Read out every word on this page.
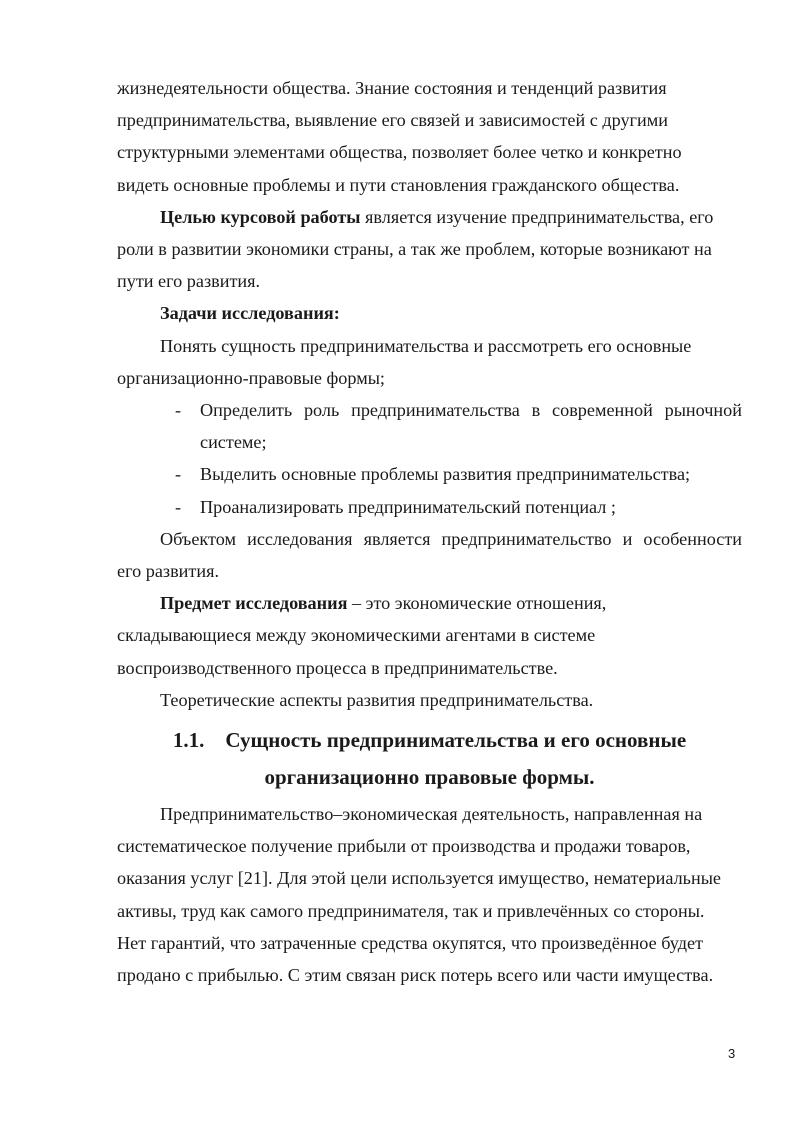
жизнедеятельности общества. Знание состояния и тенденций развития
предпринимательства, выявление его связей и зависимостей с другими
структурными элементами общества, позволяет более четко и конкретно
видеть основные проблемы и пути становления гражданского общества.
Целью курсовой работы является изучение предпринимательства, его
роли в развитии экономики страны, а так же проблем, которые возникают на
пути его развития.
Задачи исследования:
Понять сущность предпринимательства и рассмотреть его основные
организационно-правовые формы;
- Определить роль предпринимательства в современной рыночной
системе;
- Выделить основные проблемы развития предпринимательства;
- Проанализировать предпринимательский потенциал ;
Объектом исследования является предпринимательство и особенности
его развития.
Предмет исследования – это экономические отношения,
складывающиеся между экономическими агентами в системе
воспроизводственного процесса в предпринимательстве.
Теоретические аспекты развития предпринимательства.
1.1. Сущность предпринимательства и его основные
организационно правовые формы.
Предпринимательство–экономическая деятельность, направленная на
систематическое получение прибыли от производства и продажи товаров,
оказания услуг [21]. Для этой цели используется имущество, нематериальные
активы, труд как самого предпринимателя, так и привлечённых со стороны.
Нет гарантий, что затраченные средства окупятся, что произведённое будет
продано с прибылью. С этим связан риск потерь всего или части имущества.
3
